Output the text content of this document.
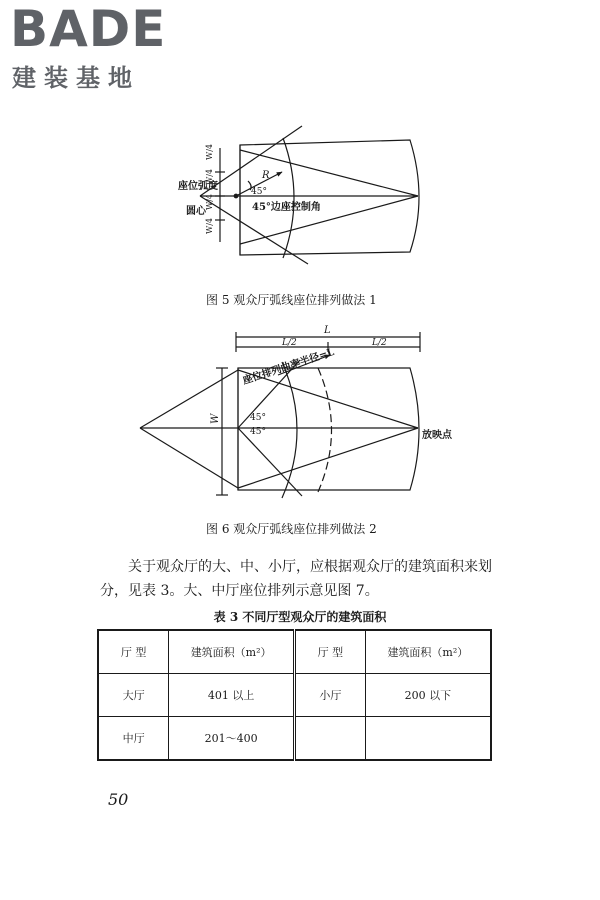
BADE
建装基地
座位弧度
圆心
W/4
W/4
W/4
W/4
R
45°
45°边座控制角
图 5 观众厅弧线座位排列做法 1
L
L/2	L/2
座位排列曲率半径=L
W	45°
45°	放映点
图 6 观众厅弧线座位排列做法 2
关于观众厅的大、中、小厅，应根据观众厅的建筑面积来划分，见表 3。大、中厅座位排列示意见图 7。
表 3 不同厅型观众厅的建筑面积
厅 型	建筑面积（m²）	厅 型	建筑面积（m²）
大厅	401 以上	小厅	200 以下
中厅	201～400		
50
